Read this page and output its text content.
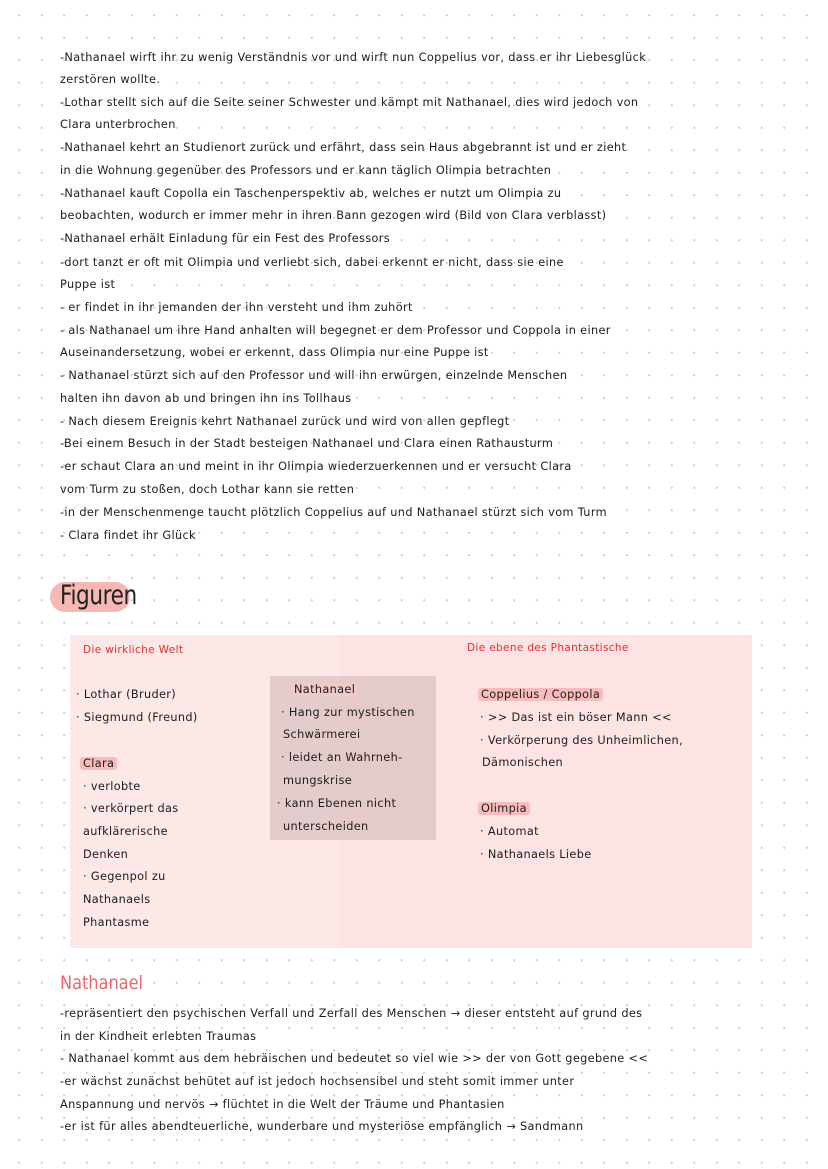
-Nathanael wirft ihr zu wenig Verständnis vor und wirft nun Coppelius vor, dass er ihr Liebesglück
zerstören wollte.
-Lothar stellt sich auf die Seite seiner Schwester und kämpt mit Nathanael, dies wird jedoch von
Clara unterbrochen
-Nathanael kehrt an Studienort zurück und erfährt, dass sein Haus abgebrannt ist und er zieht
in die Wohnung gegenüber des Professors und er kann täglich Olimpia betrachten
-Nathanael kauft Copolla ein Taschenperspektiv ab, welches er nutzt um Olimpia zu
beobachten, wodurch er immer mehr in ihren Bann gezogen wird (Bild von Clara verblasst)
-Nathanael erhält Einladung für ein Fest des Professors
-dort tanzt er oft mit Olimpia und verliebt sich, dabei erkennt er nicht, dass sie eine
Puppe ist
- er findet in ihr jemanden der ihn versteht und ihm zuhört
- als Nathanael um ihre Hand anhalten will begegnet er dem Professor und Coppola in einer
Auseinandersetzung, wobei er erkennt, dass Olimpia nur eine Puppe ist
- Nathanael stürzt sich auf den Professor und will ihn erwürgen, einzelnde Menschen
halten ihn davon ab und bringen ihn ins Tollhaus
- Nach diesem Ereignis kehrt Nathanael zurück und wird von allen gepflegt
-Bei einem Besuch in der Stadt besteigen Nathanael und Clara einen Rathausturm
-er schaut Clara an und meint in ihr Olimpia wiederzuerkennen und er versucht Clara
vom Turm zu stoßen, doch Lothar kann sie retten
-in der Menschenmenge taucht plötzlich Coppelius auf und Nathanael stürzt sich vom Turm
- Clara findet ihr Glück
Figuren
Die wirkliche Welt
· Lothar (Bruder)
· Siegmund (Freund)
Clara
· verlobte
· verkörpert das
aufklärerische
Denken
· Gegenpol zu
Nathanaels
Phantasme
Nathanael
· Hang zur mystischen
Schwärmerei
· leidet an Wahrneh-
mungskrise
· kann Ebenen nicht
unterscheiden
Die ebene des Phantastische
Coppelius / Coppola
· >> Das ist ein böser Mann <<
· Verkörperung des Unheimlichen,
Dämonischen
Olimpia
· Automat
· Nathanaels Liebe
Nathanael
-repräsentiert den psychischen Verfall und Zerfall des Menschen → dieser entsteht auf grund des
in der Kindheit erlebten Traumas
- Nathanael kommt aus dem hebräischen und bedeutet so viel wie >> der von Gott gegebene <<
-er wächst zunächst behütet auf ist jedoch hochsensibel und steht somit immer unter
Anspannung und nervös → flüchtet in die Welt der Träume und Phantasien
-er ist für alles abendteuerliche, wunderbare und mysteriöse empfänglich → Sandmann
